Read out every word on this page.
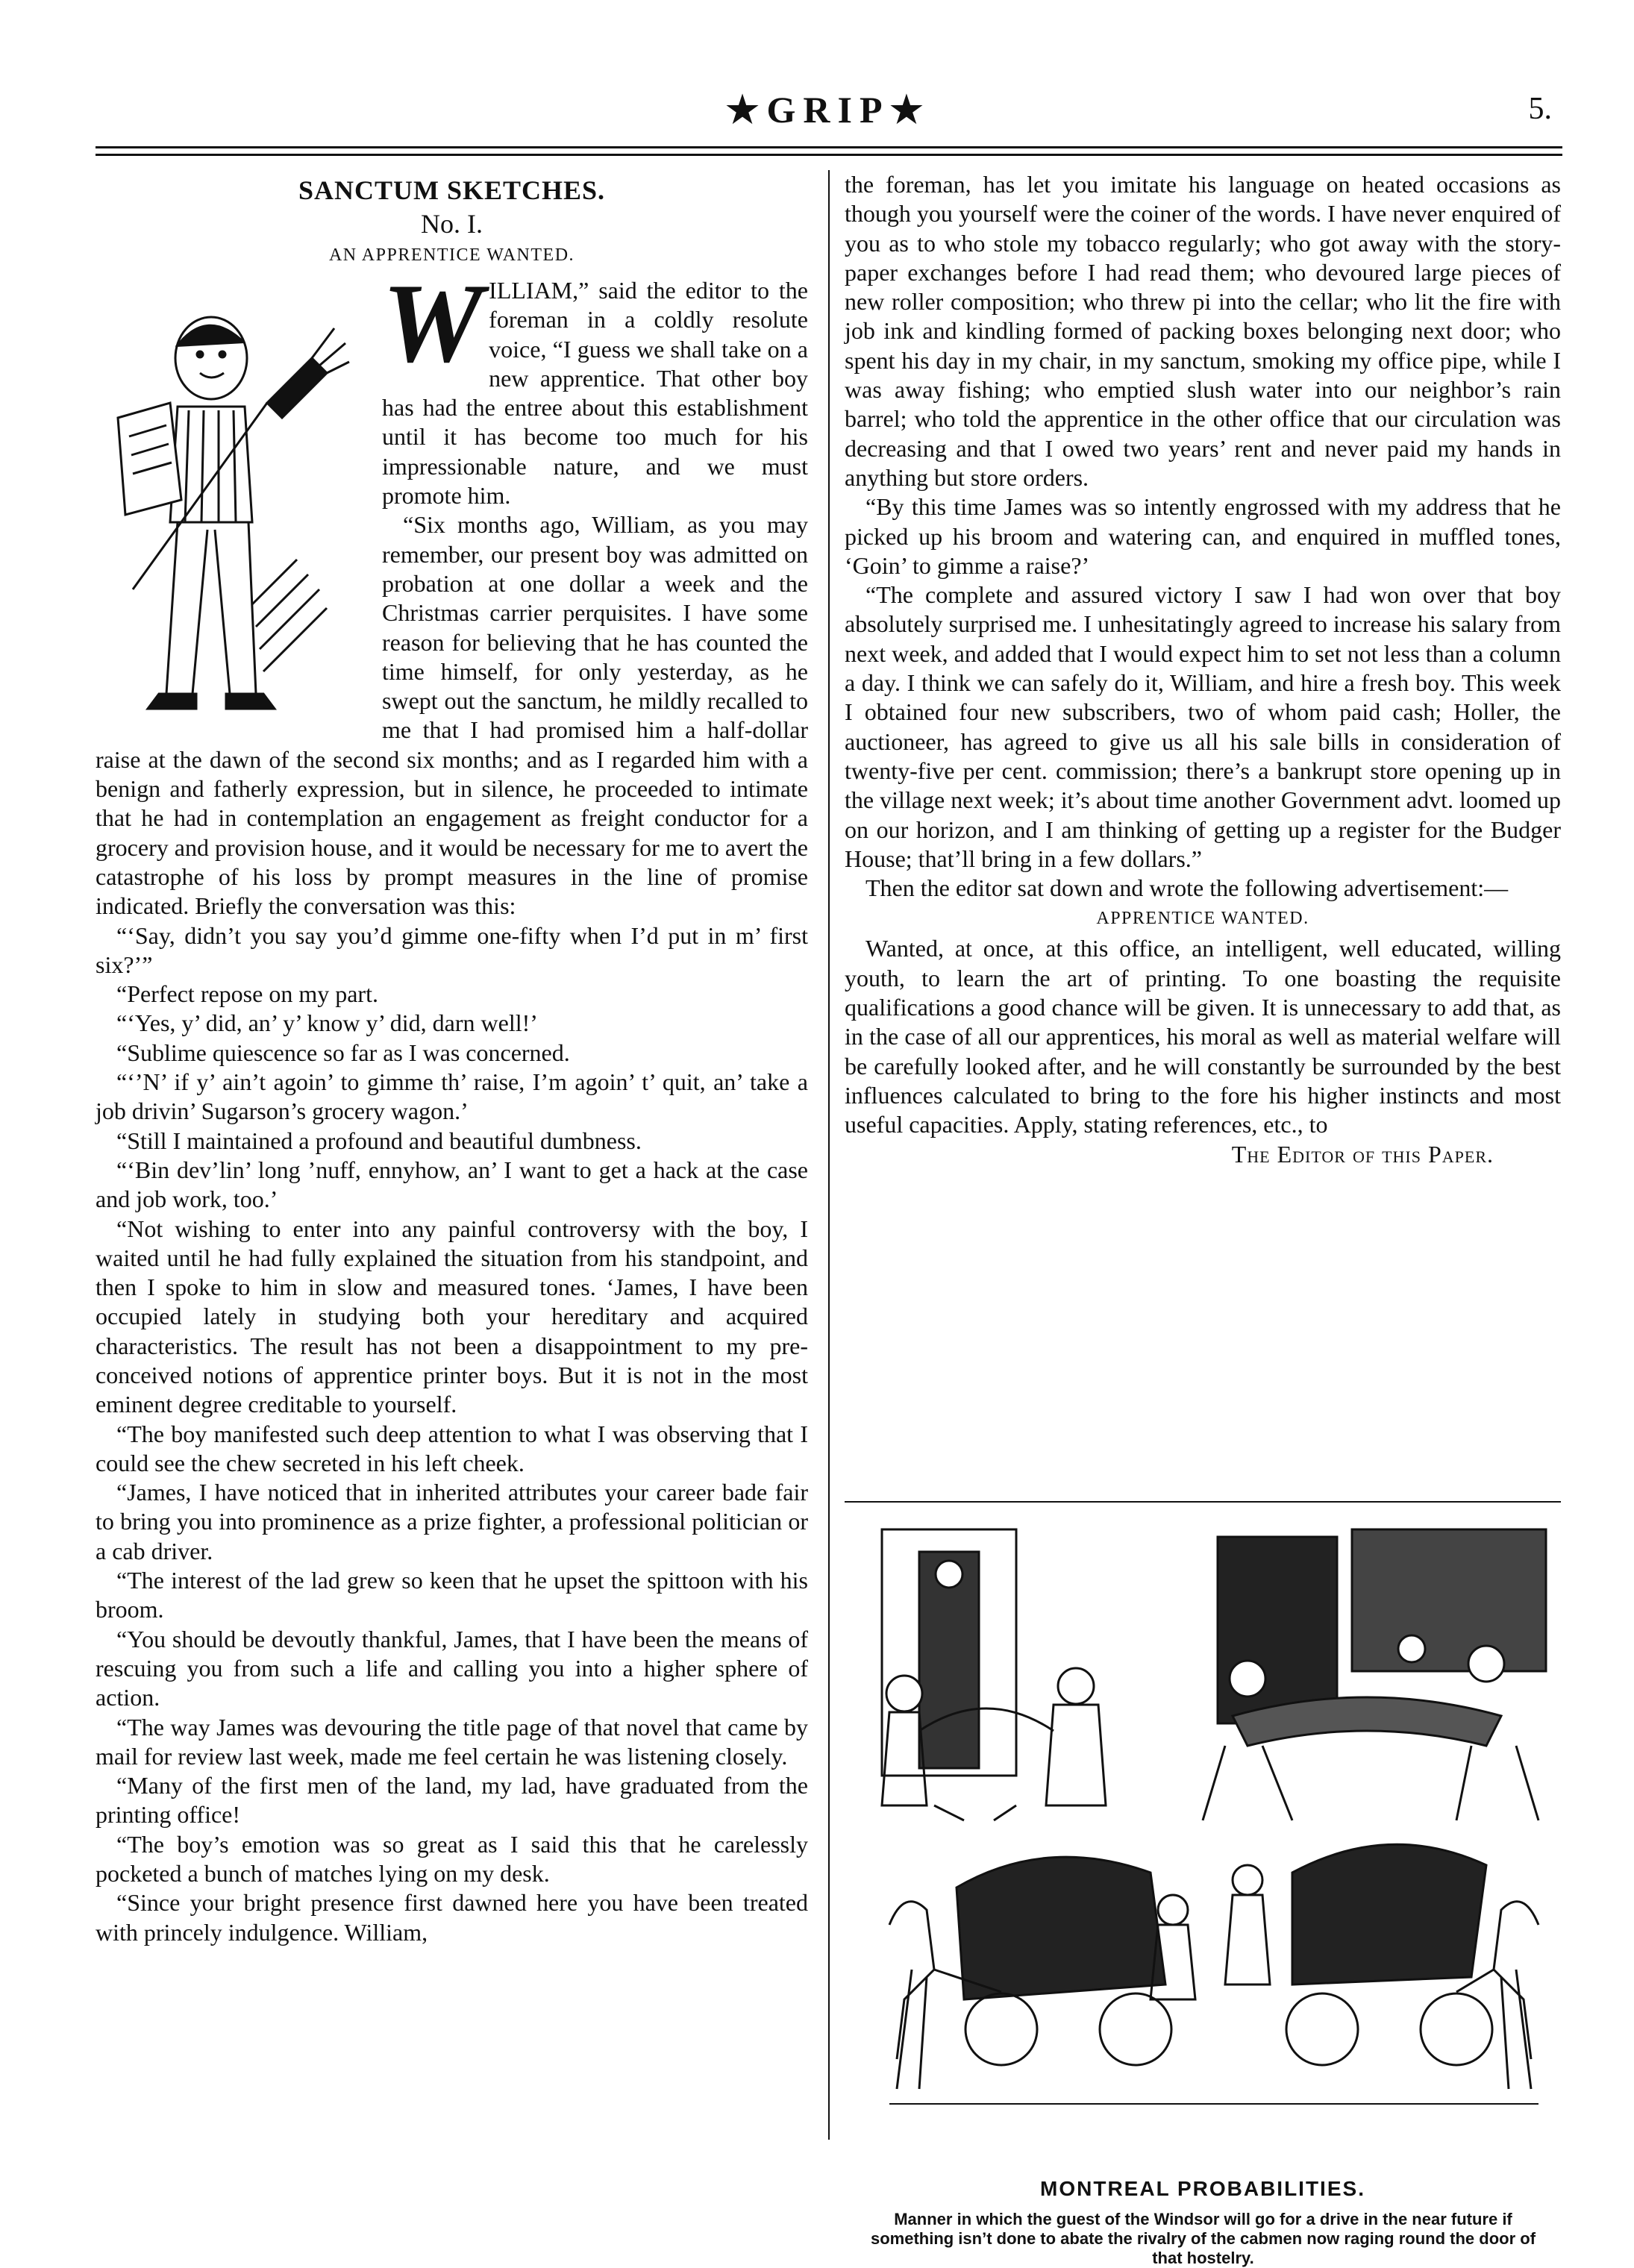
★GRIP★	5.

SANCTUM SKETCHES.

No. I.

AN APPRENTICE WANTED.

W ILLIAM,” said the editor to the foreman in a coldly resolute voice, “I guess we shall take on a new apprentice. That other boy has had the entree about this establishment until it has become too much for his impressionable nature, and we must promote him.

“Six months ago, William, as you may remember, our present boy was admitted on probation at one dollar a week and the Christmas carrier perquisites. I have some reason for believing that he has counted the time himself, for only yesterday, as he swept out the sanctum, he mildly recalled to me that I had promised him a half-dollar raise at the dawn of the second six months; and as I regarded him with a benign and fatherly expression, but in silence, he proceeded to intimate that he had in contemplation an engagement as freight conductor for a grocery and provision house, and it would be necessary for me to avert the catastrophe of his loss by prompt measures in the line of promise indicated. Briefly the conversation was this:

“‘Say, didn’t you say you’d gimme one-fifty when I’d put in m’ first six?’”

“Perfect repose on my part.

“‘Yes, y’ did, an’ y’ know y’ did, darn well!’

“Sublime quiescence so far as I was concerned.

“‘’N’ if y’ ain’t agoin’ to gimme th’ raise, I’m agoin’ t’ quit, an’ take a job drivin’ Sugarson’s grocery wagon.’

“Still I maintained a profound and beautiful dumbness.

“‘Bin dev’lin’ long ’nuff, ennyhow, an’ I want to get a hack at the case and job work, too.’

“Not wishing to enter into any painful controversy with the boy, I waited until he had fully explained the situation from his standpoint, and then I spoke to him in slow and measured tones. ‘James, I have been occupied lately in studying both your hereditary and acquired characteristics. The result has not been a disappointment to my pre-conceived notions of apprentice printer boys. But it is not in the most eminent degree creditable to yourself.

“The boy manifested such deep attention to what I was observing that I could see the chew secreted in his left cheek.

“James, I have noticed that in inherited attributes your career bade fair to bring you into prominence as a prize fighter, a professional politician or a cab driver.

“The interest of the lad grew so keen that he upset the spittoon with his broom.

“You should be devoutly thankful, James, that I have been the means of rescuing you from such a life and calling you into a higher sphere of action.

“The way James was devouring the title page of that novel that came by mail for review last week, made me feel certain he was listening closely.

“Many of the first men of the land, my lad, have graduated from the printing office!

“The boy’s emotion was so great as I said this that he carelessly pocketed a bunch of matches lying on my desk.

“Since your bright presence first dawned here you have been treated with princely indulgence. William,

the foreman, has let you imitate his language on heated occasions as though you yourself were the coiner of the words. I have never enquired of you as to who stole my tobacco regularly; who got away with the story-paper exchanges before I had read them; who devoured large pieces of new roller composition; who threw pi into the cellar; who lit the fire with job ink and kindling formed of packing boxes belonging next door; who spent his day in my chair, in my sanctum, smoking my office pipe, while I was away fishing; who emptied slush water into our neighbor’s rain barrel; who told the apprentice in the other office that our circulation was decreasing and that I owed two years’ rent and never paid my hands in anything but store orders.

“By this time James was so intently engrossed with my address that he picked up his broom and watering can, and enquired in muffled tones, ‘Goin’ to gimme a raise?’

“The complete and assured victory I saw I had won over that boy absolutely surprised me. I unhesitatingly agreed to increase his salary from next week, and added that I would expect him to set not less than a column a day. I think we can safely do it, William, and hire a fresh boy. This week I obtained four new subscribers, two of whom paid cash; Holler, the auctioneer, has agreed to give us all his sale bills in consideration of twenty-five per cent. commission; there’s a bankrupt store opening up in the village next week; it’s about time another Government advt. loomed up on our horizon, and I am thinking of getting up a register for the Budger House; that’ll bring in a few dollars.”

Then the editor sat down and wrote the following advertisement:—

APPRENTICE WANTED.

Wanted, at once, at this office, an intelligent, well educated, willing youth, to learn the art of printing. To one boasting the requisite qualifications a good chance will be given. It is unnecessary to add that, as in the case of all our apprentices, his moral as well as material welfare will be carefully looked after, and he will constantly be surrounded by the best influences calculated to bring to the fore his higher instincts and most useful capacities. Apply, stating references, etc., to

The Editor of this Paper.

MONTREAL PROBABILITIES.
Manner in which the guest of the Windsor will go for a drive in the near future if something isn’t done to abate the rivalry of the cabmen now raging round the door of that hostelry.
